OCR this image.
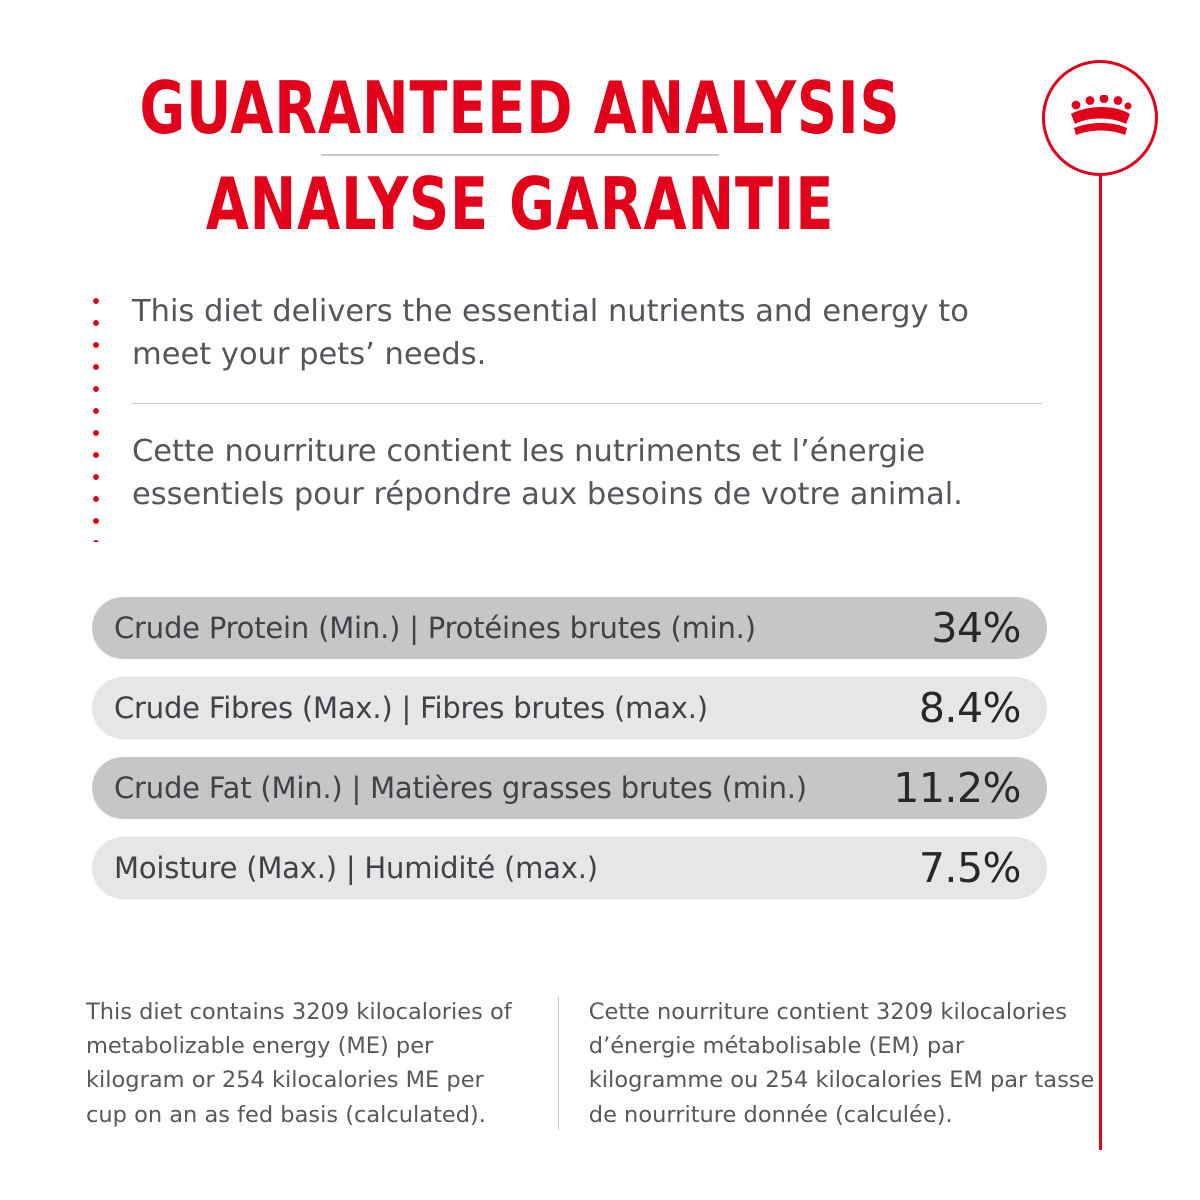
GUARANTEED ANALYSIS
ANALYSE GARANTIE

This diet delivers the essential nutrients and energy to meet your pets’ needs.

Cette nourriture contient les nutriments et l’énergie essentiels pour répondre aux besoins de votre animal.

Crude Protein (Min.) | Protéines brutes (min.)	34%
Crude Fibres (Max.) | Fibres brutes (max.)	8.4%
Crude Fat (Min.) | Matières grasses brutes (min.) 11.2%
Moisture (Max.) | Humidité (max.)	7.5%
This diet contains 3209 kilocalories of metabolizable energy (ME) per kilogram or 254 kilocalories ME per cup on an as fed basis (calculated).
Cette nourriture contient 3209 kilocalories d’énergie métabolisable (EM) par kilogramme ou 254 kilocalories EM par tasse de nourriture donnée (calculée).
